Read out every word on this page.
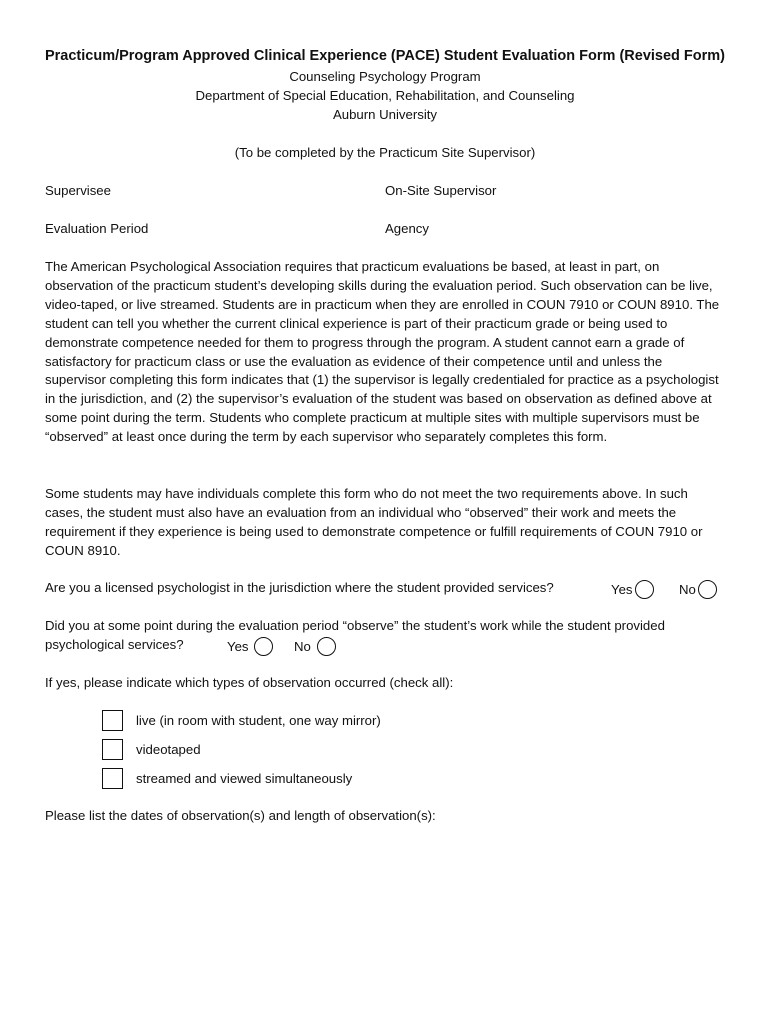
Practicum/Program Approved Clinical Experience (PACE) Student Evaluation Form (Revised Form)
Counseling Psychology Program
Department of Special Education, Rehabilitation, and Counseling
Auburn University
(To be completed by the Practicum Site Supervisor)
Supervisee	On-Site Supervisor
Evaluation Period	Agency
The American Psychological Association requires that practicum evaluations be based, at least in part, on observation of the practicum student’s developing skills during the evaluation period. Such observation can be live, video-taped, or live streamed. Students are in practicum when they are enrolled in COUN 7910 or COUN 8910. The student can tell you whether the current clinical experience is part of their practicum grade or being used to demonstrate competence needed for them to progress through the program. A student cannot earn a grade of satisfactory for practicum class or use the evaluation as evidence of their competence until and unless the supervisor completing this form indicates that (1) the supervisor is legally credentialed for practice as a psychologist in the jurisdiction, and (2) the supervisor’s evaluation of the student was based on observation as defined above at some point during the term. Students who complete practicum at multiple sites with multiple supervisors must be “observed” at least once during the term by each supervisor who separately completes this form.
Some students may have individuals complete this form who do not meet the two requirements above. In such cases, the student must also have an evaluation from an individual who “observed” their work and meets the requirement if they experience is being used to demonstrate competence or fulfill requirements of COUN 7910 or COUN 8910.
Are you a licensed psychologist in the jurisdiction where the student provided services?	Yes	No
Did you at some point during the evaluation period “observe” the student’s work while the student provided
psychological services?	Yes	No
If yes, please indicate which types of observation occurred (check all):
live (in room with student, one way mirror)
videotaped
streamed and viewed simultaneously
Please list the dates of observation(s) and length of observation(s):
